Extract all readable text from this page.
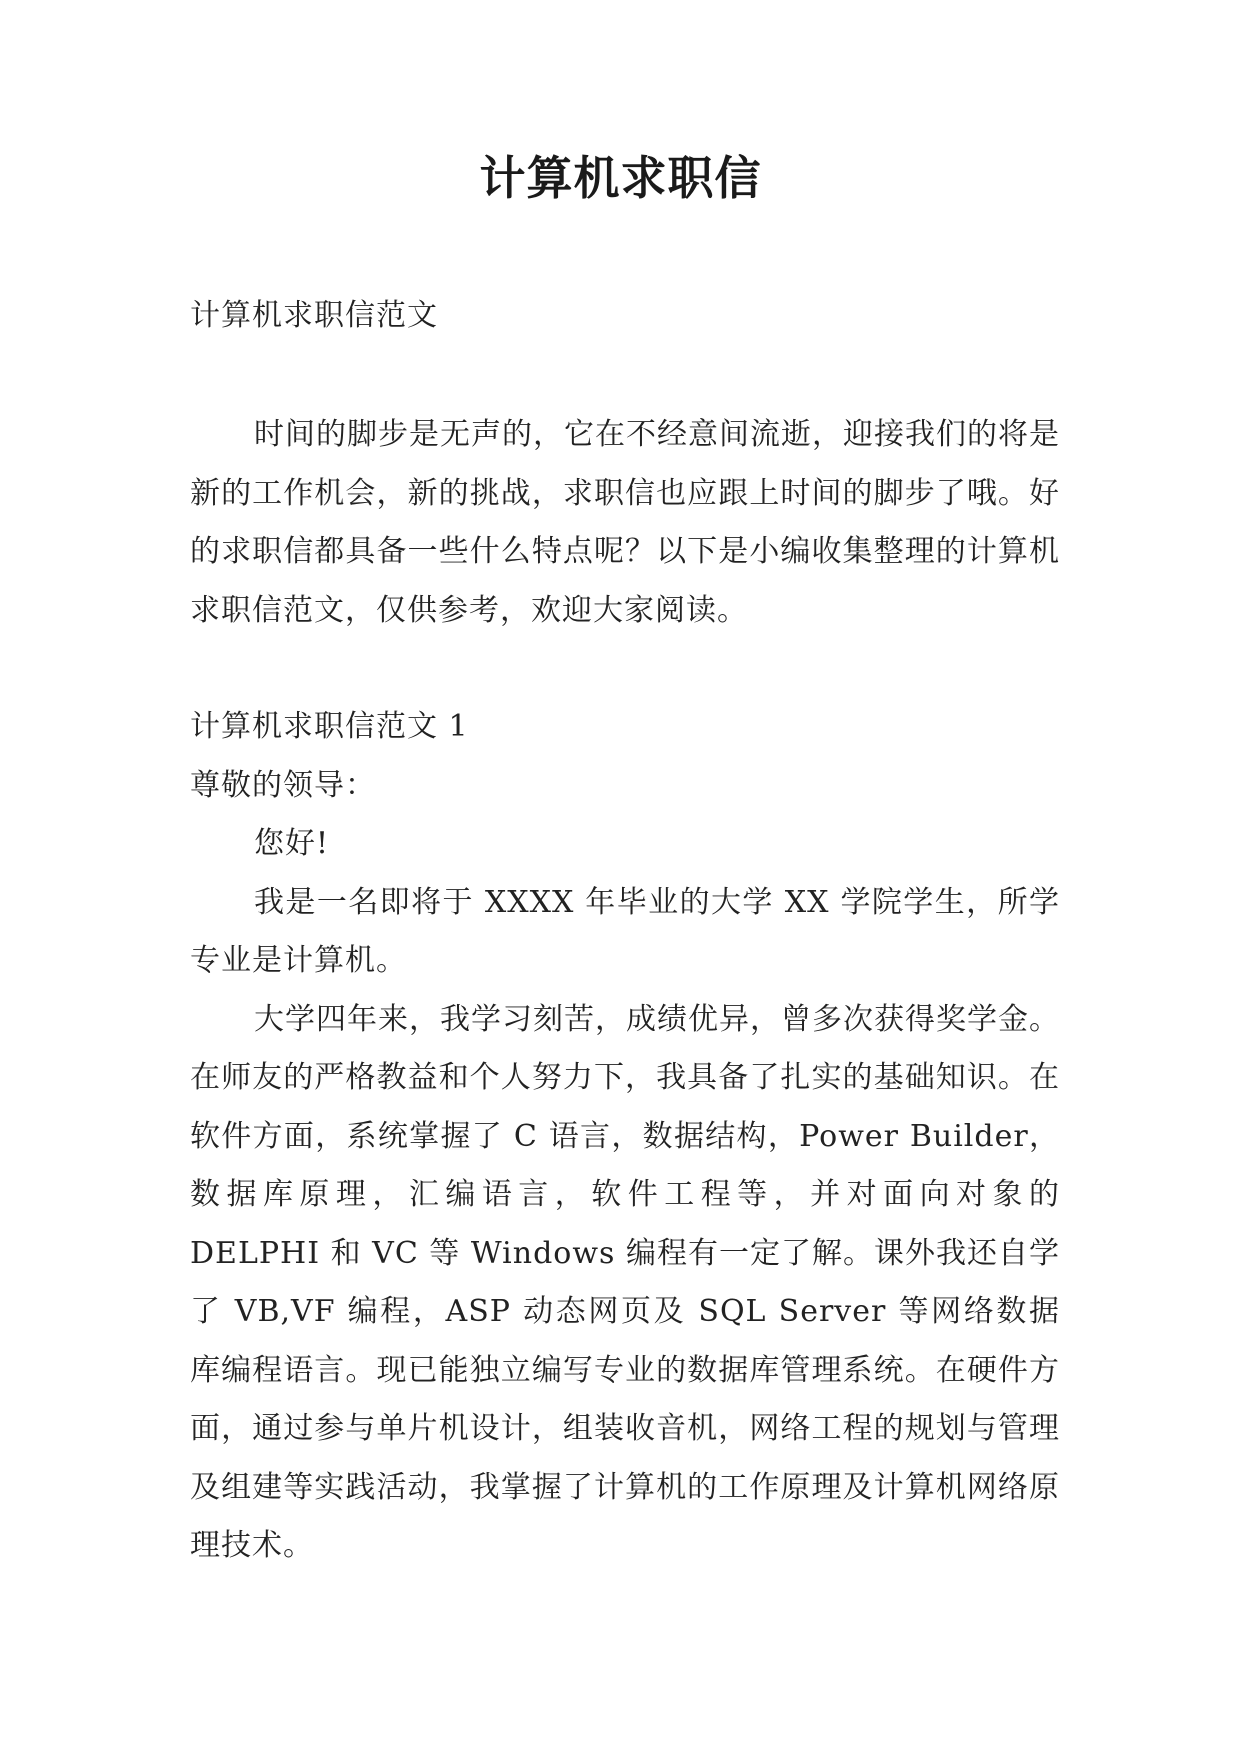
计算机求职信
计算机求职信范文
时间的脚步是无声的，它在不经意间流逝，迎接我们的将是新的工作机会，新的挑战，求职信也应跟上时间的脚步了哦。好的求职信都具备一些什么特点呢？以下是小编收集整理的计算机求职信范文，仅供参考，欢迎大家阅读。

计算机求职信范文 1

尊敬的领导：

您好!

我是一名即将于 XXXX 年毕业的大学 XX 学院学生，所学专业是计算机。

大学四年来，我学习刻苦，成绩优异，曾多次获得奖学金。在师友的严格教益和个人努力下，我具备了扎实的基础知识。在软件方面，系统掌握了 C 语言，数据结构，Power Builder，数据库原理，汇编语言，软件工程等，并对面向对象的 DELPHI 和 VC 等 Windows 编程有一定了解。课外我还自学了 VB,VF 编程，ASP 动态网页及 SQL Server 等网络数据库编程语言。现已能独立编写专业的数据库管理系统。在硬件方面，通过参与单片机设计，组装收音机，网络工程的规划与管理及组建等实践活动，我掌握了计算机的工作原理及计算机网络原理技术。
